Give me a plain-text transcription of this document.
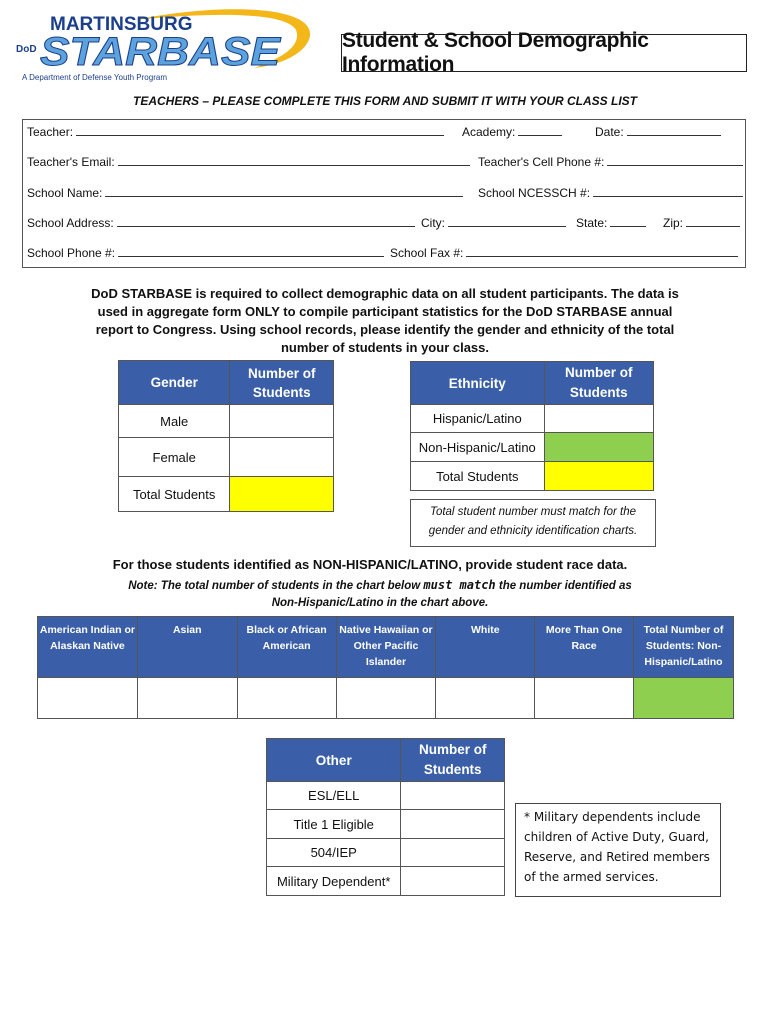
MARTINSBURG
DoD STARBASE
A Department of Defense Youth Program
Student & School Demographic Information
TEACHERS – PLEASE COMPLETE THIS FORM AND SUBMIT IT WITH YOUR CLASS LIST
Teacher:	Academy:	Date:
Teacher's Email:	Teacher's Cell Phone #:
School Name:	School NCESSCH #:
School Address:	City:	State:	Zip:
School Phone #:	School Fax #:
DoD STARBASE is required to collect demographic data on all student participants. The data is used in aggregate form ONLY to compile participant statistics for the DoD STARBASE annual report to Congress. Using school records, please identify the gender and ethnicity of the total number of students in your class.
Gender	Number of Students
Male	
Female	
Total Students	
Ethnicity	Number of Students
Hispanic/Latino	
Non-Hispanic/Latino	
Total Students	
Total student number must match for the gender and ethnicity identification charts.
For those students identified as NON-HISPANIC/LATINO, provide student race data.
Note: The total number of students in the chart below must match the number identified as
Non-Hispanic/Latino in the chart above.
American Indian or Alaskan Native	Asian	Black or African American	Native Hawaiian or Other Pacific Islander	White	More Than One Race	Total Number of Students: Non-Hispanic/Latino

Other	Number of Students
ESL/ELL	
Title 1 Eligible	
504/IEP	
Military Dependent*	
* Military dependents include children of Active Duty, Guard, Reserve, and Retired members of the armed services.
